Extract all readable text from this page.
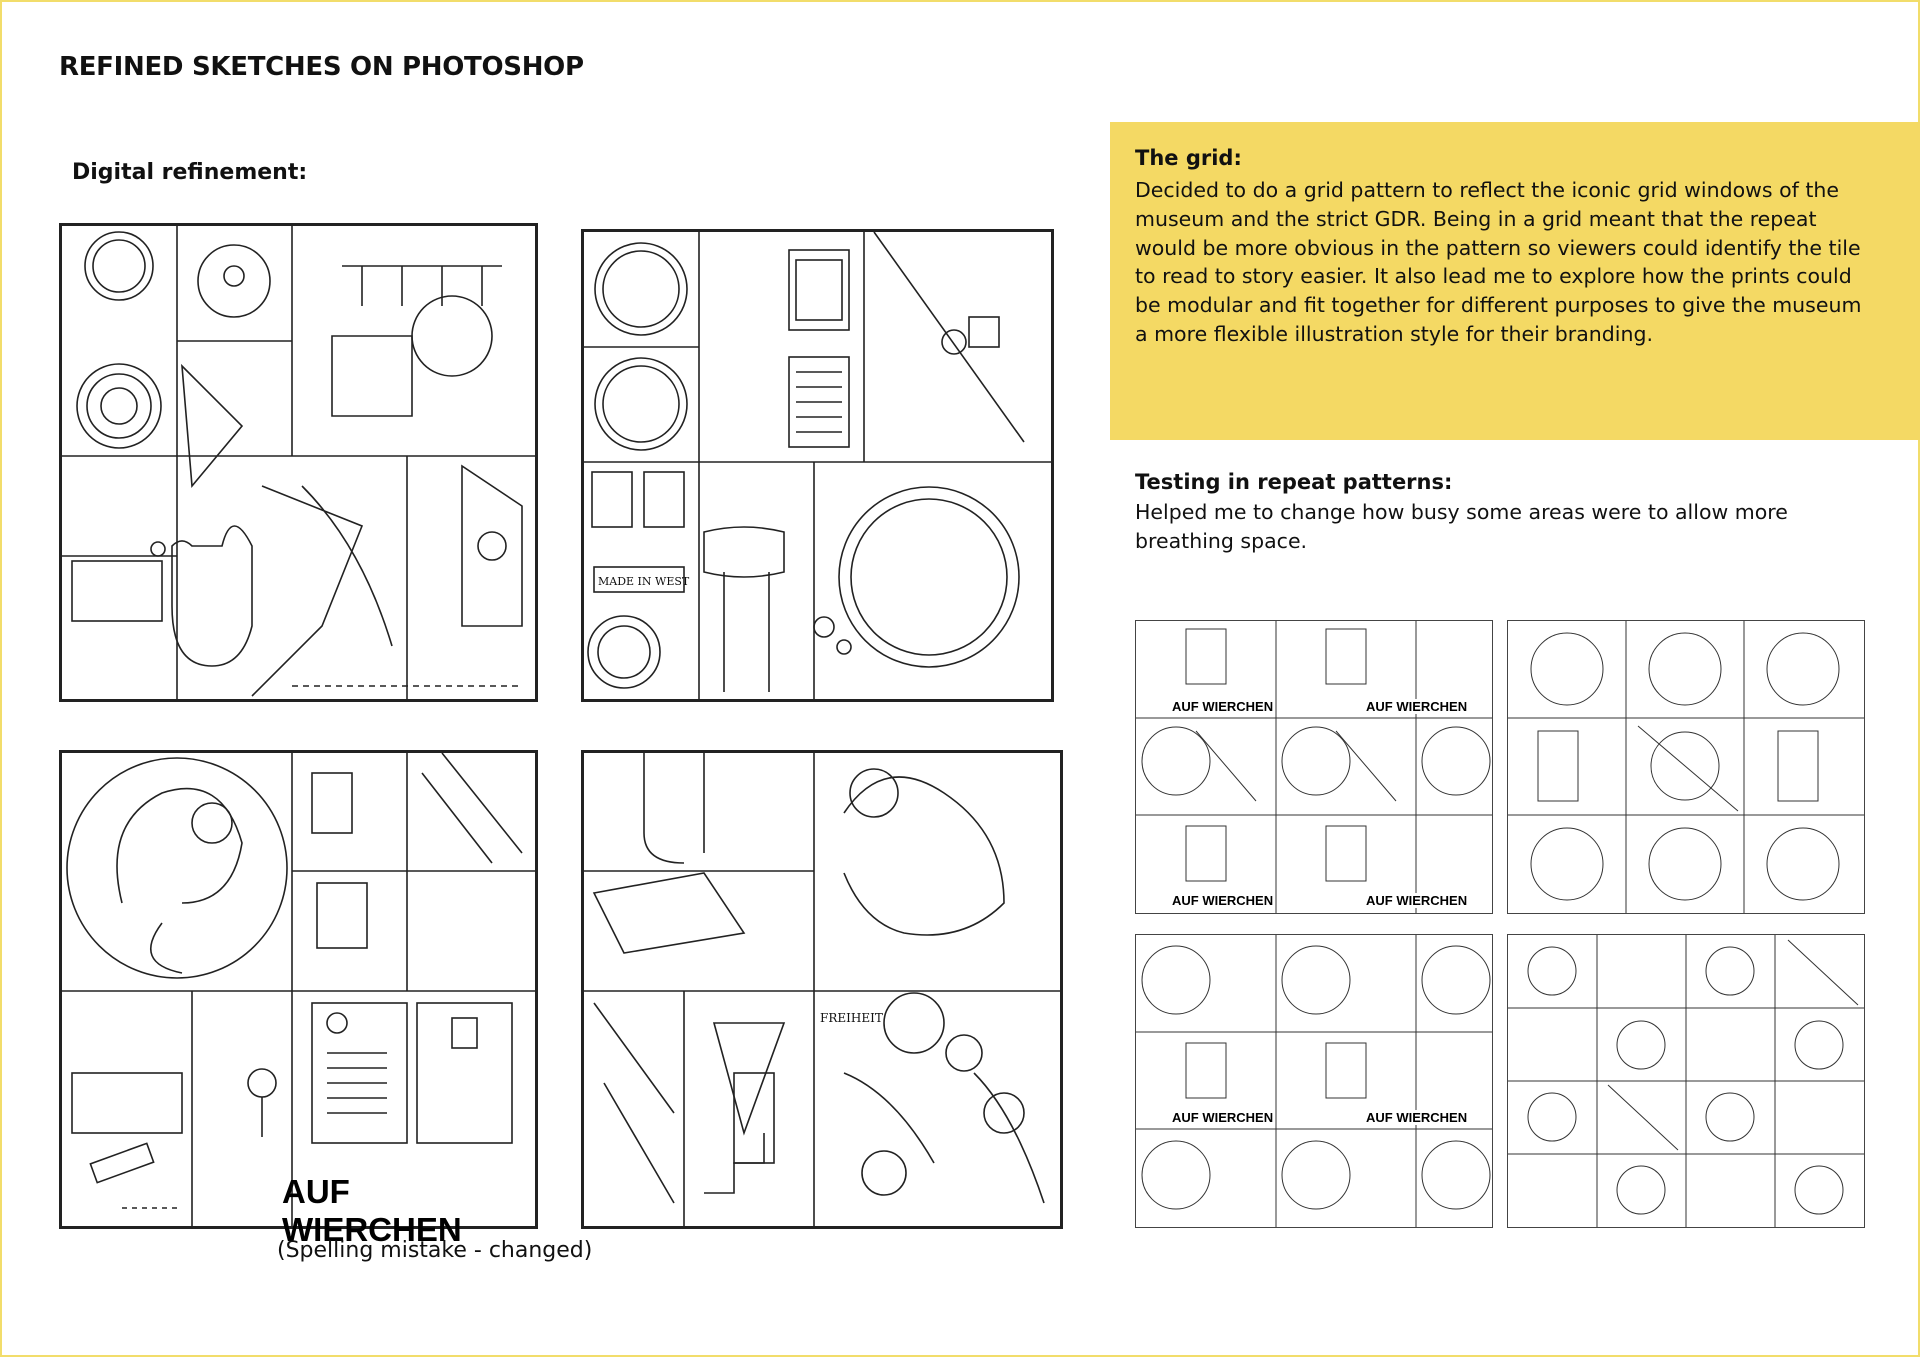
REFINED SKETCHES ON PHOTOSHOP
Digital refinement:
MADE IN WEST
AUF WIERCHEN
FREIHEIT
(Spelling mistake - changed)
The grid:
Decided to do a grid pattern to reflect the iconic grid windows of the museum and the strict GDR. Being in a grid meant that the repeat would be more obvious in the pattern so viewers could identify the tile to read to story easier. It also lead me to explore how the prints could be modular and fit together for different purposes to give the museum a more flexible illustration style for their branding.
Testing in repeat patterns:
Helped me to change how busy some areas were to allow more breathing space.
AUF WIERCHEN	AUF WIERCHEN
AUF WIERCHEN	AUF WIERCHEN
AUF WIERCHEN	AUF WIERCHEN
